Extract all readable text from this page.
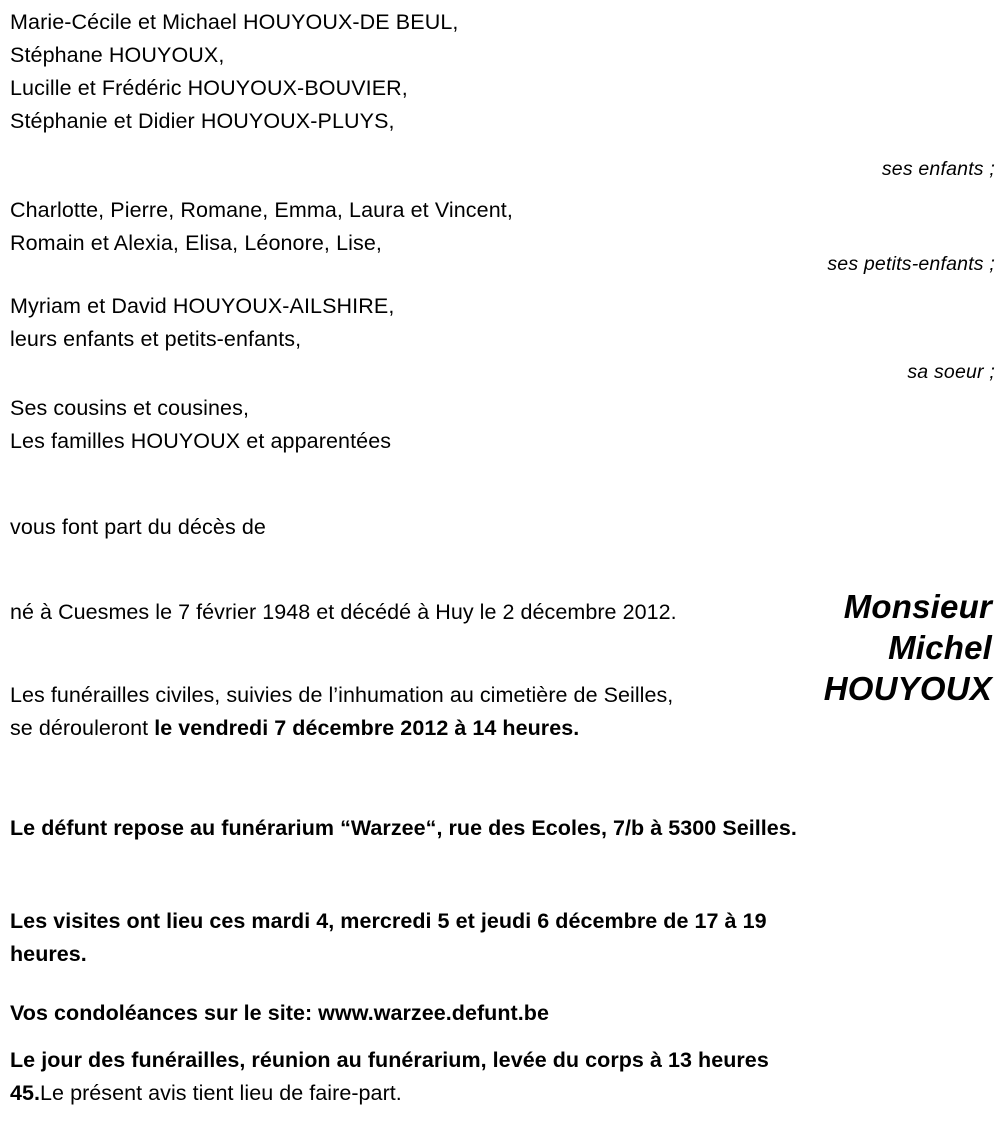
Marie-Cécile et Michael HOUYOUX-DE BEUL,
Stéphane HOUYOUX,
Lucille et Frédéric HOUYOUX-BOUVIER,
Stéphanie et Didier HOUYOUX-PLUYS,
ses enfants ;
Charlotte, Pierre, Romane, Emma, Laura et Vincent,
Romain et Alexia, Elisa, Léonore, Lise,
ses petits-enfants ;
Myriam et David HOUYOUX-AILSHIRE,
leurs enfants et petits-enfants,
sa soeur ;
Ses cousins et cousines,
Les familles HOUYOUX et apparentées
vous font part du décès de
Monsieur
Michel
HOUYOUX
né à Cuesmes le 7 février 1948 et décédé à Huy le 2 décembre 2012.
Les funérailles civiles, suivies de l’inhumation au cimetière de Seilles, se dérouleront le vendredi 7 décembre 2012 à 14 heures.
Le défunt repose au funérarium “Warzee“, rue des Ecoles, 7/b à 5300 Seilles.
Les visites ont lieu ces mardi 4, mercredi 5 et jeudi 6 décembre de 17 à 19 heures.
Vos condoléances sur le site: www.warzee.defunt.be
Le jour des funérailles, réunion au funérarium, levée du corps à 13 heures 45.Le présent avis tient lieu de faire-part.
